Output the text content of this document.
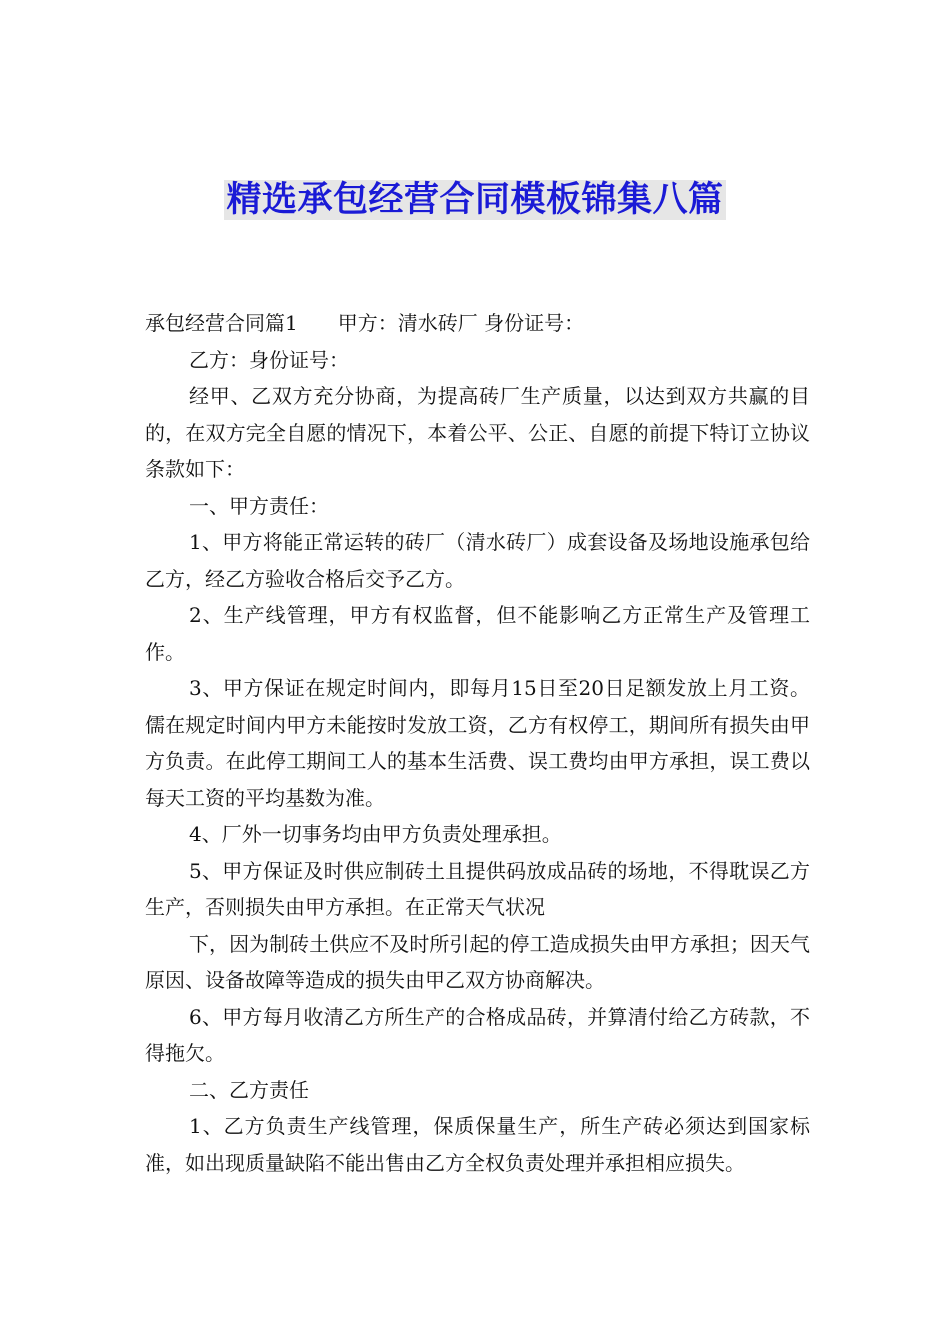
精选承包经营合同模板锦集八篇

承包经营合同篇1 甲方：清水砖厂 身份证号：

乙方：身份证号：

经甲、乙双方充分协商，为提高砖厂生产质量，以达到双方共赢的目的，在双方完全自愿的情况下，本着公平、公正、自愿的前提下特订立协议条款如下：

一、甲方责任：

1、甲方将能正常运转的砖厂（清水砖厂）成套设备及场地设施承包给乙方，经乙方验收合格后交予乙方。

2、生产线管理，甲方有权监督，但不能影响乙方正常生产及管理工作。

3、甲方保证在规定时间内，即每月15日至20日足额发放上月工资。儒在规定时间内甲方未能按时发放工资，乙方有权停工，期间所有损失由甲方负责。在此停工期间工人的基本生活费、误工费均由甲方承担，误工费以每天工资的平均基数为准。

4、厂外一切事务均由甲方负责处理承担。

5、甲方保证及时供应制砖土且提供码放成品砖的场地，不得耽误乙方生产，否则损失由甲方承担。在正常天气状况

下，因为制砖土供应不及时所引起的停工造成损失由甲方承担；因天气原因、设备故障等造成的损失由甲乙双方协商解决。

6、甲方每月收清乙方所生产的合格成品砖，并算清付给乙方砖款，不得拖欠。

二、乙方责任

1、乙方负责生产线管理，保质保量生产，所生产砖必须达到国家标准，如出现质量缺陷不能出售由乙方全权负责处理并承担相应损失。
